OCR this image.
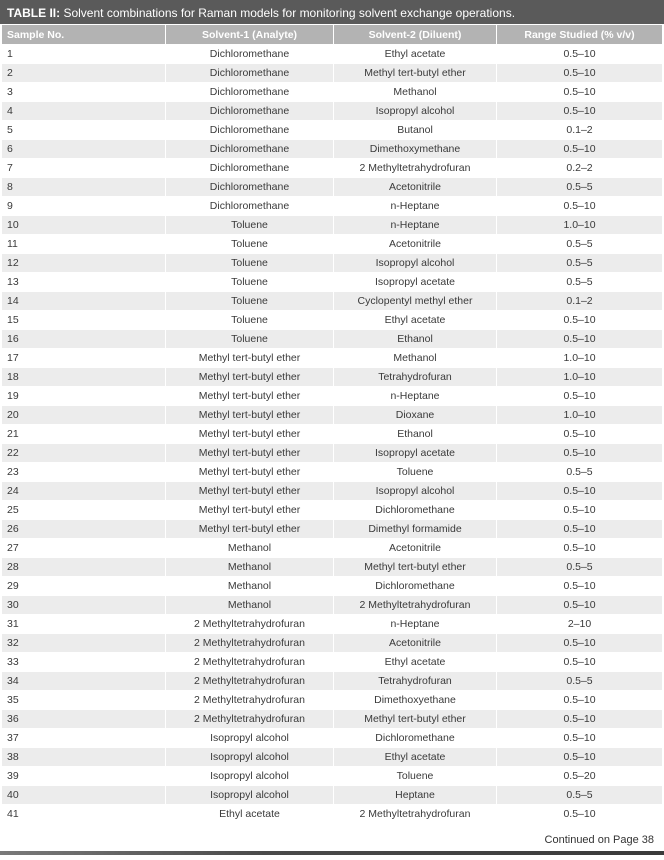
TABLE II: Solvent combinations for Raman models for monitoring solvent exchange operations.
Sample No.	Solvent-1 (Analyte)	Solvent-2 (Diluent)	Range Studied (% v/v)
1	Dichloromethane	Ethyl acetate	0.5–10
2	Dichloromethane	Methyl tert-butyl ether	0.5–10
3	Dichloromethane	Methanol	0.5–10
4	Dichloromethane	Isopropyl alcohol	0.5–10
5	Dichloromethane	Butanol	0.1–2
6	Dichloromethane	Dimethoxymethane	0.5–10
7	Dichloromethane	2 Methyltetrahydrofuran	0.2–2
8	Dichloromethane	Acetonitrile	0.5–5
9	Dichloromethane	n-Heptane	0.5–10
10	Toluene	n-Heptane	1.0–10
11	Toluene	Acetonitrile	0.5–5
12	Toluene	Isopropyl alcohol	0.5–5
13	Toluene	Isopropyl acetate	0.5–5
14	Toluene	Cyclopentyl methyl ether	0.1–2
15	Toluene	Ethyl acetate	0.5–10
16	Toluene	Ethanol	0.5–10
17	Methyl tert-butyl ether	Methanol	1.0–10
18	Methyl tert-butyl ether	Tetrahydrofuran	1.0–10
19	Methyl tert-butyl ether	n-Heptane	0.5–10
20	Methyl tert-butyl ether	Dioxane	1.0–10
21	Methyl tert-butyl ether	Ethanol	0.5–10
22	Methyl tert-butyl ether	Isopropyl acetate	0.5–10
23	Methyl tert-butyl ether	Toluene	0.5–5
24	Methyl tert-butyl ether	Isopropyl alcohol	0.5–10
25	Methyl tert-butyl ether	Dichloromethane	0.5–10
26	Methyl tert-butyl ether	Dimethyl formamide	0.5–10
27	Methanol	Acetonitrile	0.5–10
28	Methanol	Methyl tert-butyl ether	0.5–5
29	Methanol	Dichloromethane	0.5–10
30	Methanol	2 Methyltetrahydrofuran	0.5–10
31	2 Methyltetrahydrofuran	n-Heptane	2–10
32	2 Methyltetrahydrofuran	Acetonitrile	0.5–10
33	2 Methyltetrahydrofuran	Ethyl acetate	0.5–10
34	2 Methyltetrahydrofuran	Tetrahydrofuran	0.5–5
35	2 Methyltetrahydrofuran	Dimethoxyethane	0.5–10
36	2 Methyltetrahydrofuran	Methyl tert-butyl ether	0.5–10
37	Isopropyl alcohol	Dichloromethane	0.5–10
38	Isopropyl alcohol	Ethyl acetate	0.5–10
39	Isopropyl alcohol	Toluene	0.5–20
40	Isopropyl alcohol	Heptane	0.5–5
41	Ethyl acetate	2 Methyltetrahydrofuran	0.5–10
Continued on Page 38
